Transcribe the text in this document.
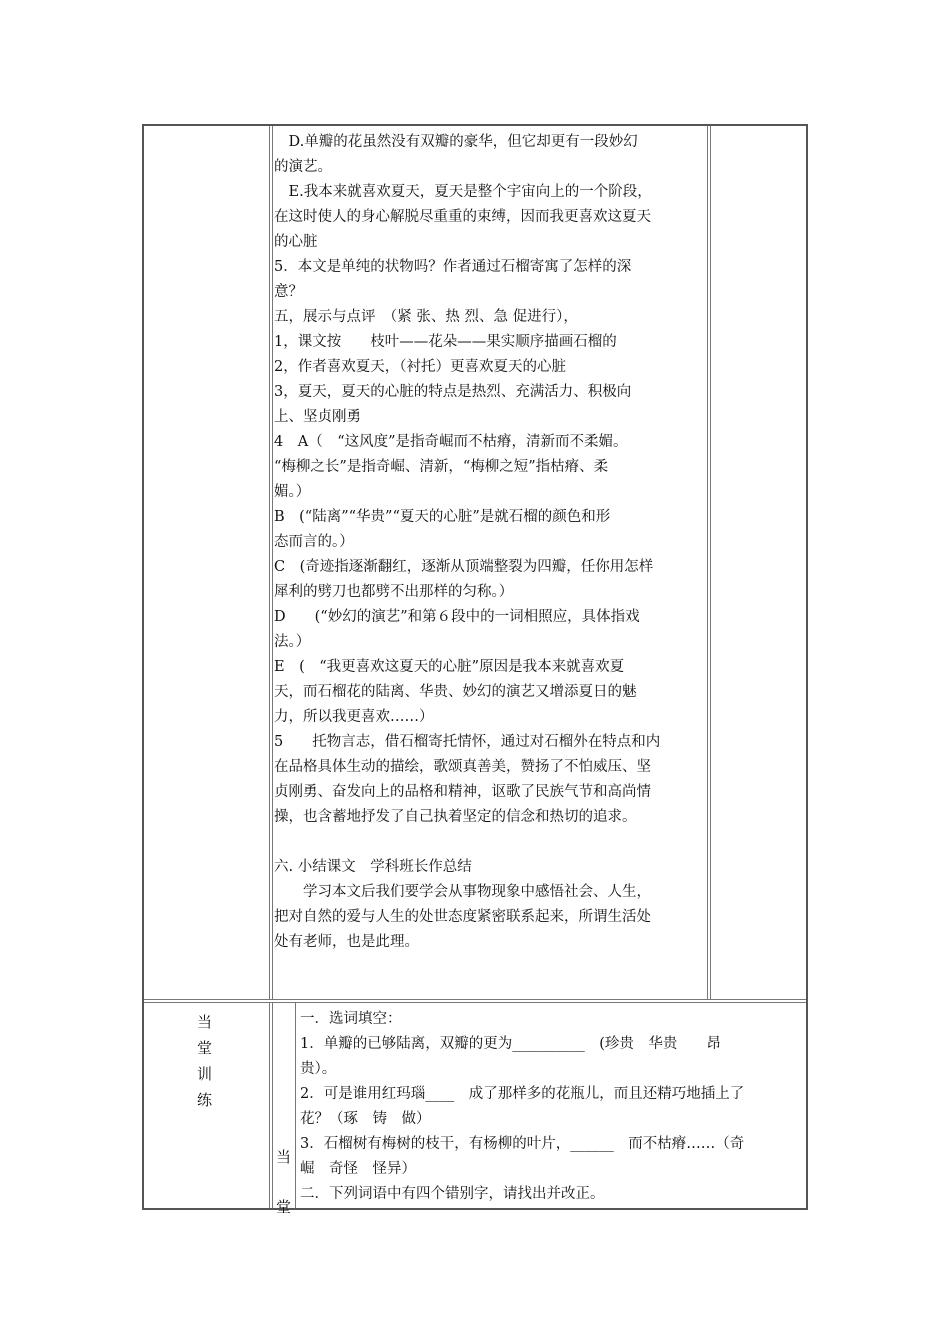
　D.单瓣的花虽然没有双瓣的豪华，但它却更有一段妙幻
的演艺。
　E.我本来就喜欢夏天，夏天是整个宇宙向上的一个阶段，
在这时使人的身心解脱尽重重的束缚，因而我更喜欢这夏天
的心脏
5．本文是单纯的状物吗？作者通过石榴寄寓了怎样的深
意？
五，展示与点评　（紧 张、热 烈、急 促进行），
1，课文按　　枝叶——花朵——果实顺序描画石榴的
2，作者喜欢夏天，（衬托）更喜欢夏天的心脏
3，夏天，夏天的心脏的特点是热烈、充满活力、积极向
上、坚贞刚勇
4　A（　“这风度”是指奇崛而不枯瘠，清新而不柔媚。
“梅柳之长”是指奇崛、清新，“梅柳之短”指枯瘠、柔
媚。）
B　(“陆离”“华贵”“夏天的心脏”是就石榴的颜色和形
态而言的。）
C　(奇迹指逐渐翻红，逐渐从顶端整裂为四瓣，任你用怎样
犀利的劈刀也都劈不出那样的匀称。）
D　　(“妙幻的演艺”和第６段中的一词相照应，具体指戏
法。）
E　(　“我更喜欢这夏天的心脏”原因是我本来就喜欢夏
天，而石榴花的陆离、华贵、妙幻的演艺又增添夏日的魅
力，所以我更喜欢……）
5　　托物言志，借石榴寄托情怀，通过对石榴外在特点和内
在品格具体生动的描绘，歌颂真善美，赞扬了不怕威压、坚
贞刚勇、奋发向上的品格和精神，讴歌了民族气节和高尚情
操，也含蓄地抒发了自己执着坚定的信念和热切的追求。
六. 小结课文　学科班长作总结
　　学习本文后我们要学会从事物现象中感悟社会、人生，
把对自然的爱与人生的处世态度紧密联系起来，所谓生活处
处有老师，也是此理。
当
堂
训
练
当
堂
一．选词填空：
1．单瓣的已够陆离，双瓣的更为__________　(珍贵　华贵　　昂
贵）。
2．可是谁用红玛瑙____　成了那样多的花瓶儿，而且还精巧地插上了
花？（琢　铸　做）
3．石榴树有梅树的枝干，有杨柳的叶片，______　而不枯瘠……（奇
崛　奇怪　怪异）
二．下列词语中有四个错别字，请找出并改正。
